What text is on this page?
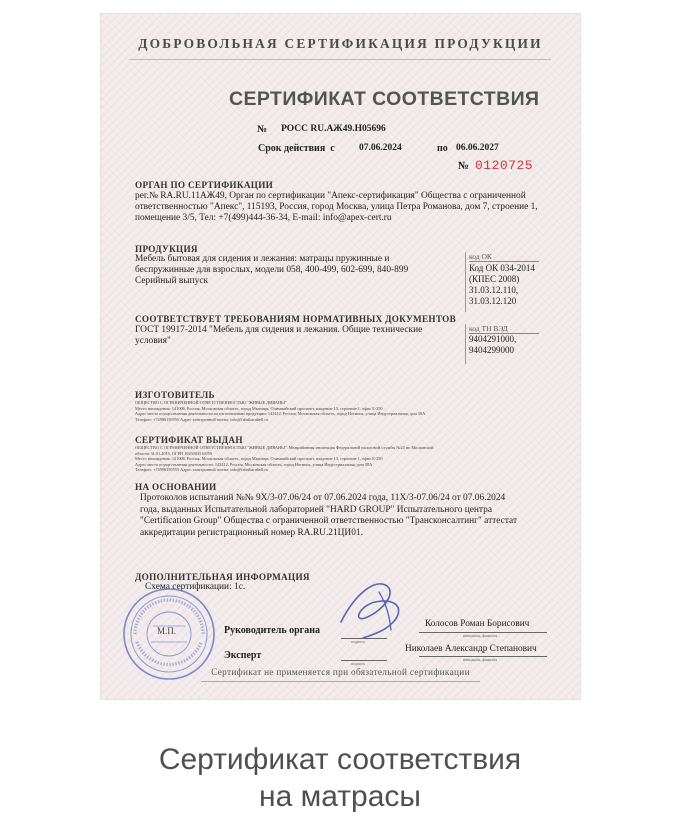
ДОБРОВОЛЬНАЯ СЕРТИФИКАЦИЯ ПРОДУКЦИИ
СЕРТИФИКАТ СООТВЕТСТВИЯ
№ РОСС RU.АЖ49.Н05696
Срок действия  с	07.06.2024	по 06.06.2027
№ 0120725
ОРГАН ПО СЕРТИФИКАЦИИ
рег.№ RA.RU.11АЖ49, Орган по сертификации "Апекс-сертификация" Общества с ограниченной
ответственностью "Апекс", 115193, Россия, город Москва, улица Петра Романова, дом 7, строение 1,
помещение 3/5, Тел: +7(499)444-36-34, E-mail: info@apex-cert.ru
ПРОДУКЦИЯ
Мебель бытовая для сидения и лежания: матрацы пружинные и
беспружинные для взрослых, модели 058, 400-499, 602-699, 840-899
Серийный выпуск
код ОК
Код ОК 034-2014
(КПЕС 2008)
31.03.12.110,
31.03.12.120
СООТВЕТСТВУЕТ ТРЕБОВАНИЯМ НОРМАТИВНЫХ ДОКУМЕНТОВ
ГОСТ 19917-2014 "Мебель для сидения и лежания. Общие технические
условия"
код ТН ВЭД
9404291000,
9404299000
ИЗГОТОВИТЕЛЬ
ОБЩЕСТВО С ОГРАНИЧЕННОЙ ОТВЕТСТВЕННОСТЬЮ "ЖИВЫЕ ДИВАНЫ"
Место нахождения: 141006, Россия, Московская область, город Мытищи, Олимпийский проспект, владение 13, строение 1, офис Б-250
Адрес места осуществления деятельности по изготовлению продукции: 142412, Россия, Московская область, город Ногинск, улица Индустриальная, дом 38А
Телефон: +74996159555 Адрес электронной почты: info@fabrikarubell.ru
СЕРТИФИКАТ ВЫДАН
ОБЩЕСТВО С ОГРАНИЧЕННОЙ ОТВЕТСТВЕННОСТЬЮ "ЖИВЫЕ ДИВАНЫ". Межрайонная инспекция Федеральной налоговой службы №23 по Московской
области 31.01.2019, ОГРН 1025003516959
Место нахождения: 141006, Россия, Московская область, город Мытищи, Олимпийский проспект, владение 13, строение 1, офис Б-250
Адрес места осуществления деятельности: 142412, Россия, Московская область, город Ногинск, улица Индустриальная, дом 38А
Телефон: +74996159555 Адрес электронной почты: info@fabrikarubell.ru
НА ОСНОВАНИИ
Протоколов испытаний №№ 9Х/3-07.06/24 от 07.06.2024 года, 11Х/3-07.06/24 от 07.06.2024
года, выданных Испытательной лабораторией "HARD GROUP" Испытательного центра
"Certification Group" Общества с ограниченной ответственностью "Трансконсалтинг" аттестат
аккредитации регистрационный номер RA.RU.21ЦИ01.
ДОПОЛНИТЕЛЬНАЯ ИНФОРМАЦИЯ
Схема сертификации: 1с.
М.П.	Руководитель органа
подпись
Колосов Роман Борисович
инициалы, фамилия
Эксперт
подпись
Николаев Александр Степанович
инициалы, фамилия
Сертификат не применяется при обязательной сертификации
Сертификат соответствия
на матрасы
